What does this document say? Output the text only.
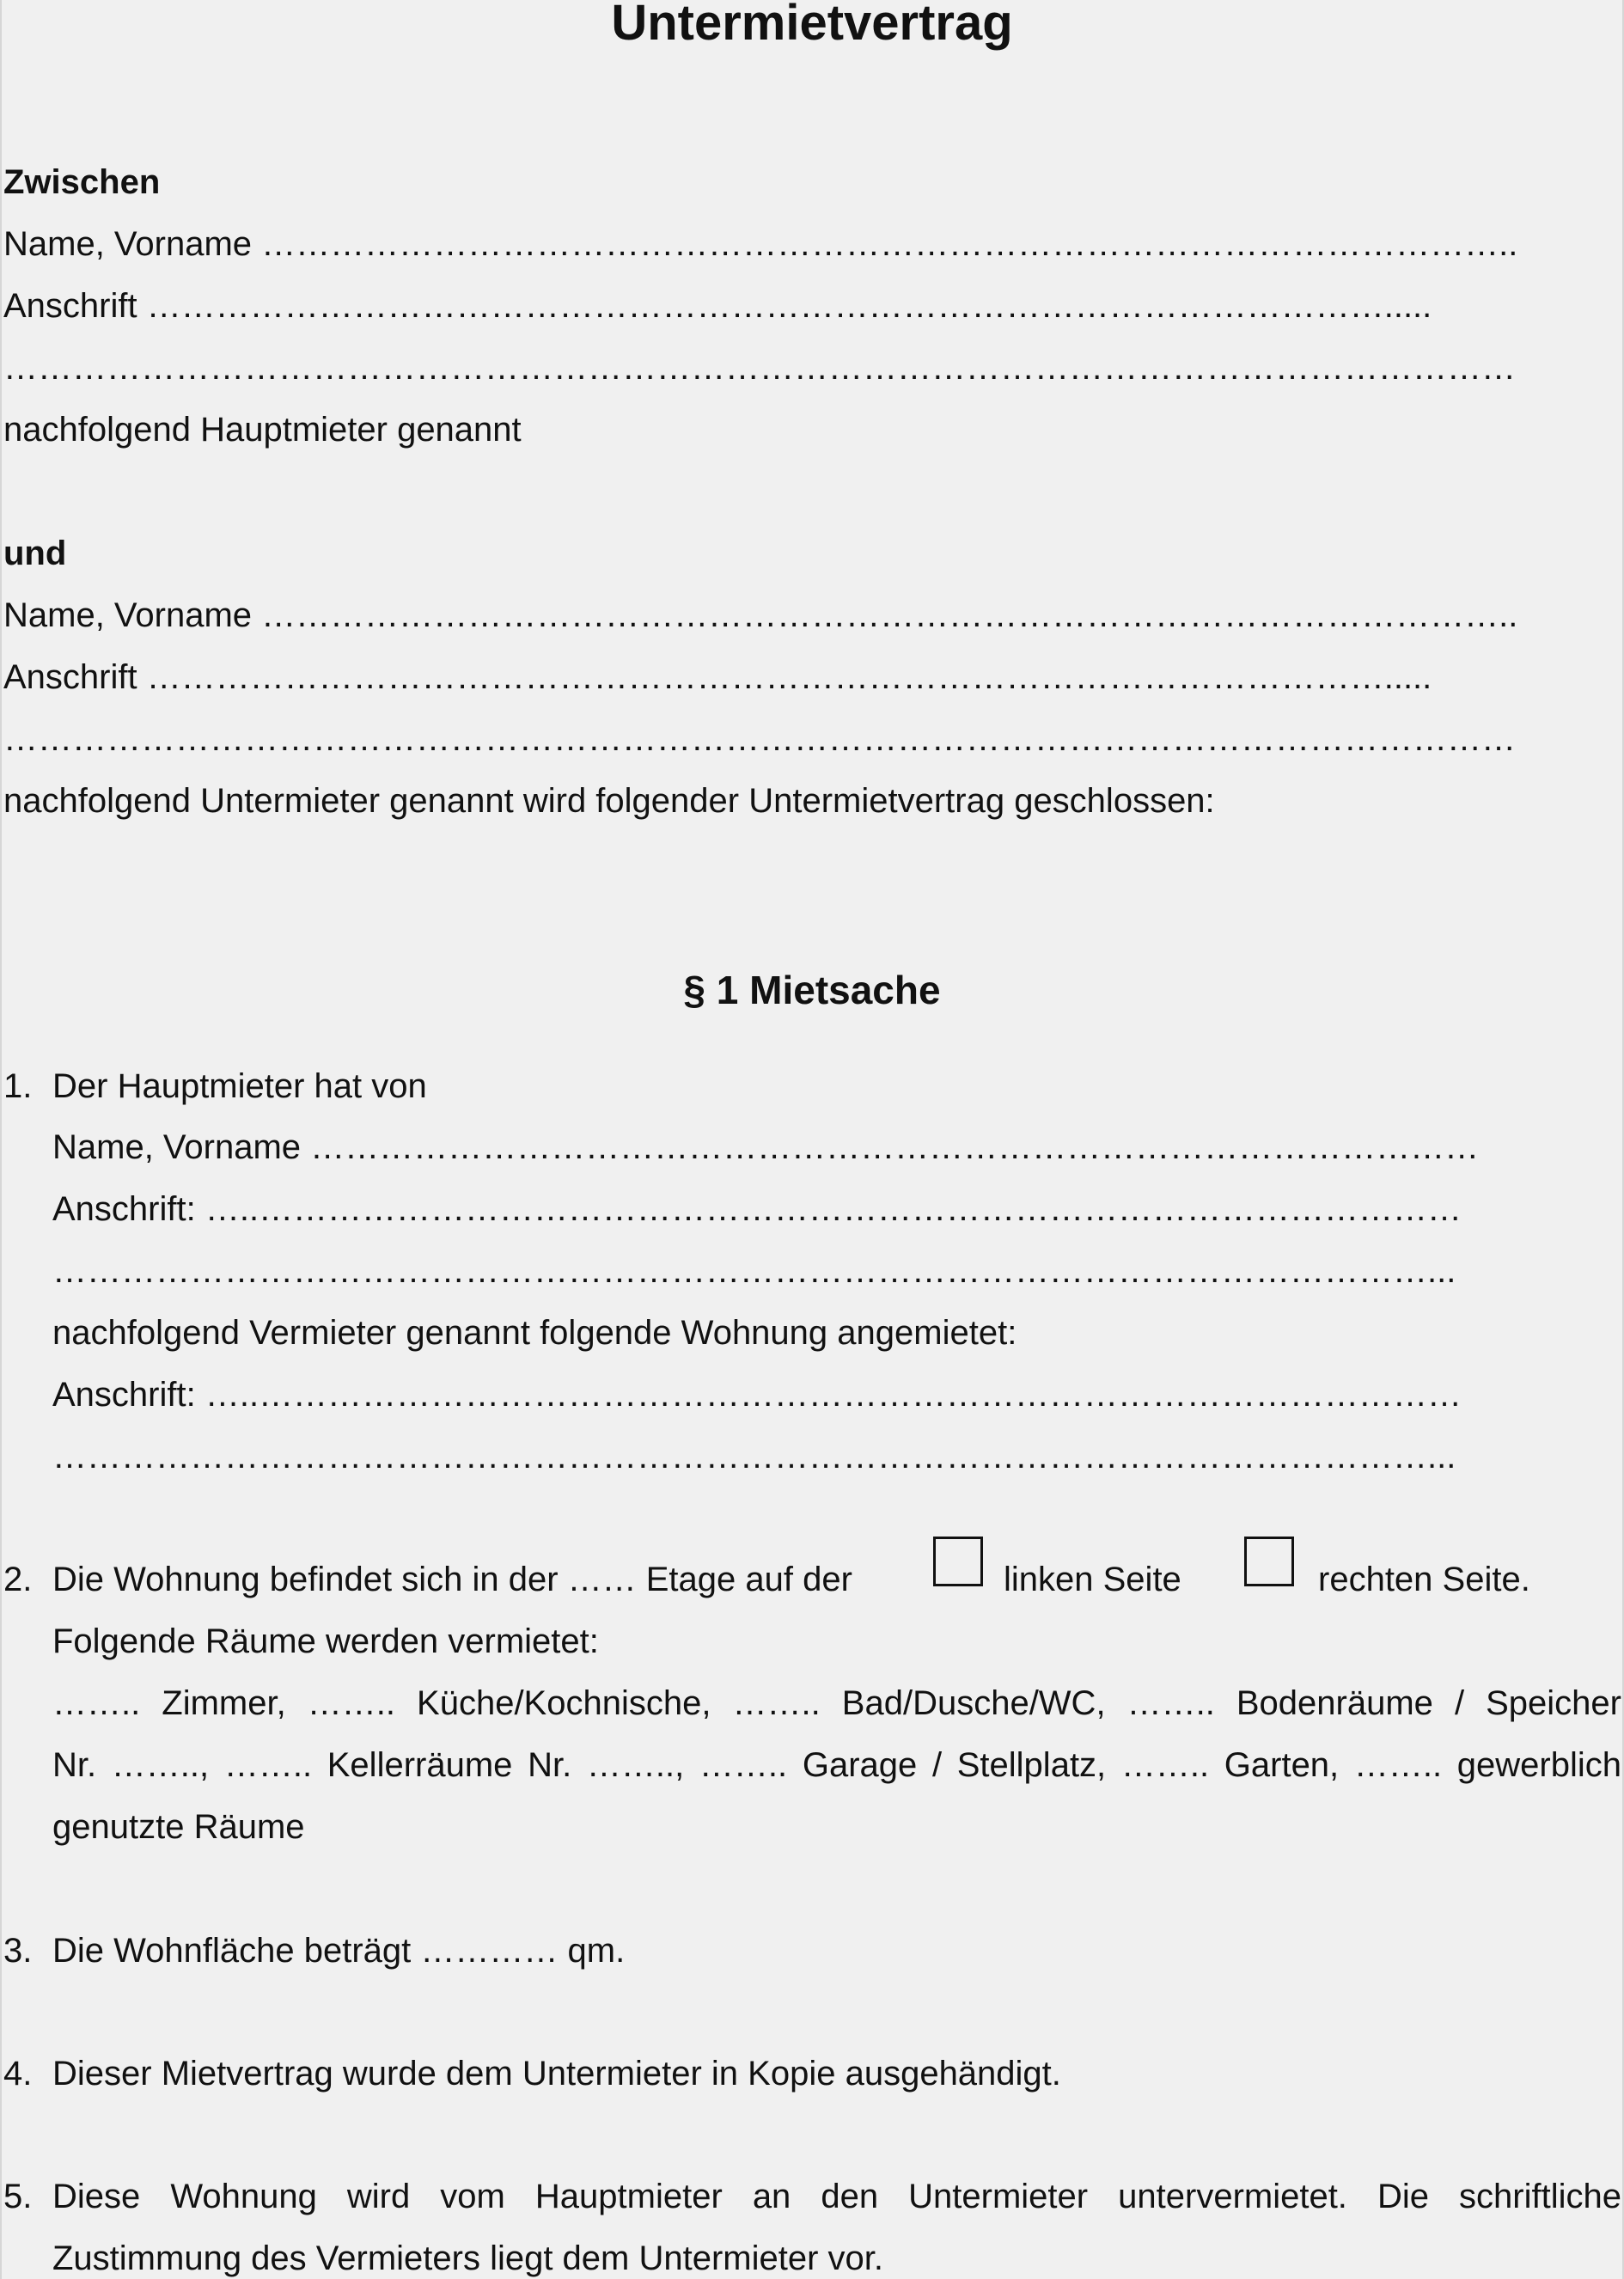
Untermietvertrag
Zwischen
Name, Vorname ………………………………………………………………………………………………..
Anschrift ……………………………………………………………………………………………….....
……………………………………………………………………………………………………………………
nachfolgend Hauptmieter genannt
und
Name, Vorname ………………………………………………………………………………………………..
Anschrift ……………………………………………………………………………………………….....
……………………………………………………………………………………………………………………
nachfolgend Untermieter genannt wird folgender Untermietvertrag geschlossen:
§ 1 Mietsache
1. Der Hauptmieter hat von
Name, Vorname …………………………………………………………………………………………
Anschrift: …..……………………………………………………………………………………………
…………………………………………………………………………………………………………...
nachfolgend Vermieter genannt folgende Wohnung angemietet:
Anschrift: …..……………………………………………………………………………………………
…………………………………………………………………………………………………………...
2. Die Wohnung befindet sich in der …… Etage auf der	linken Seite	rechten Seite.
Folgende Räume werden vermietet:
…….. Zimmer, …….. Küche/Kochnische, …….. Bad/Dusche/WC, …….. Bodenräume / Speicher
Nr. …….., …….. Kellerräume Nr. …….., …….. Garage / Stellplatz, …….. Garten, …….. gewerblich
genutzte Räume
3. Die Wohnfläche beträgt ………… qm.
4. Dieser Mietvertrag wurde dem Untermieter in Kopie ausgehändigt.
5. Diese Wohnung wird vom Hauptmieter an den Untermieter untervermietet. Die schriftliche
Zustimmung des Vermieters liegt dem Untermieter vor.
